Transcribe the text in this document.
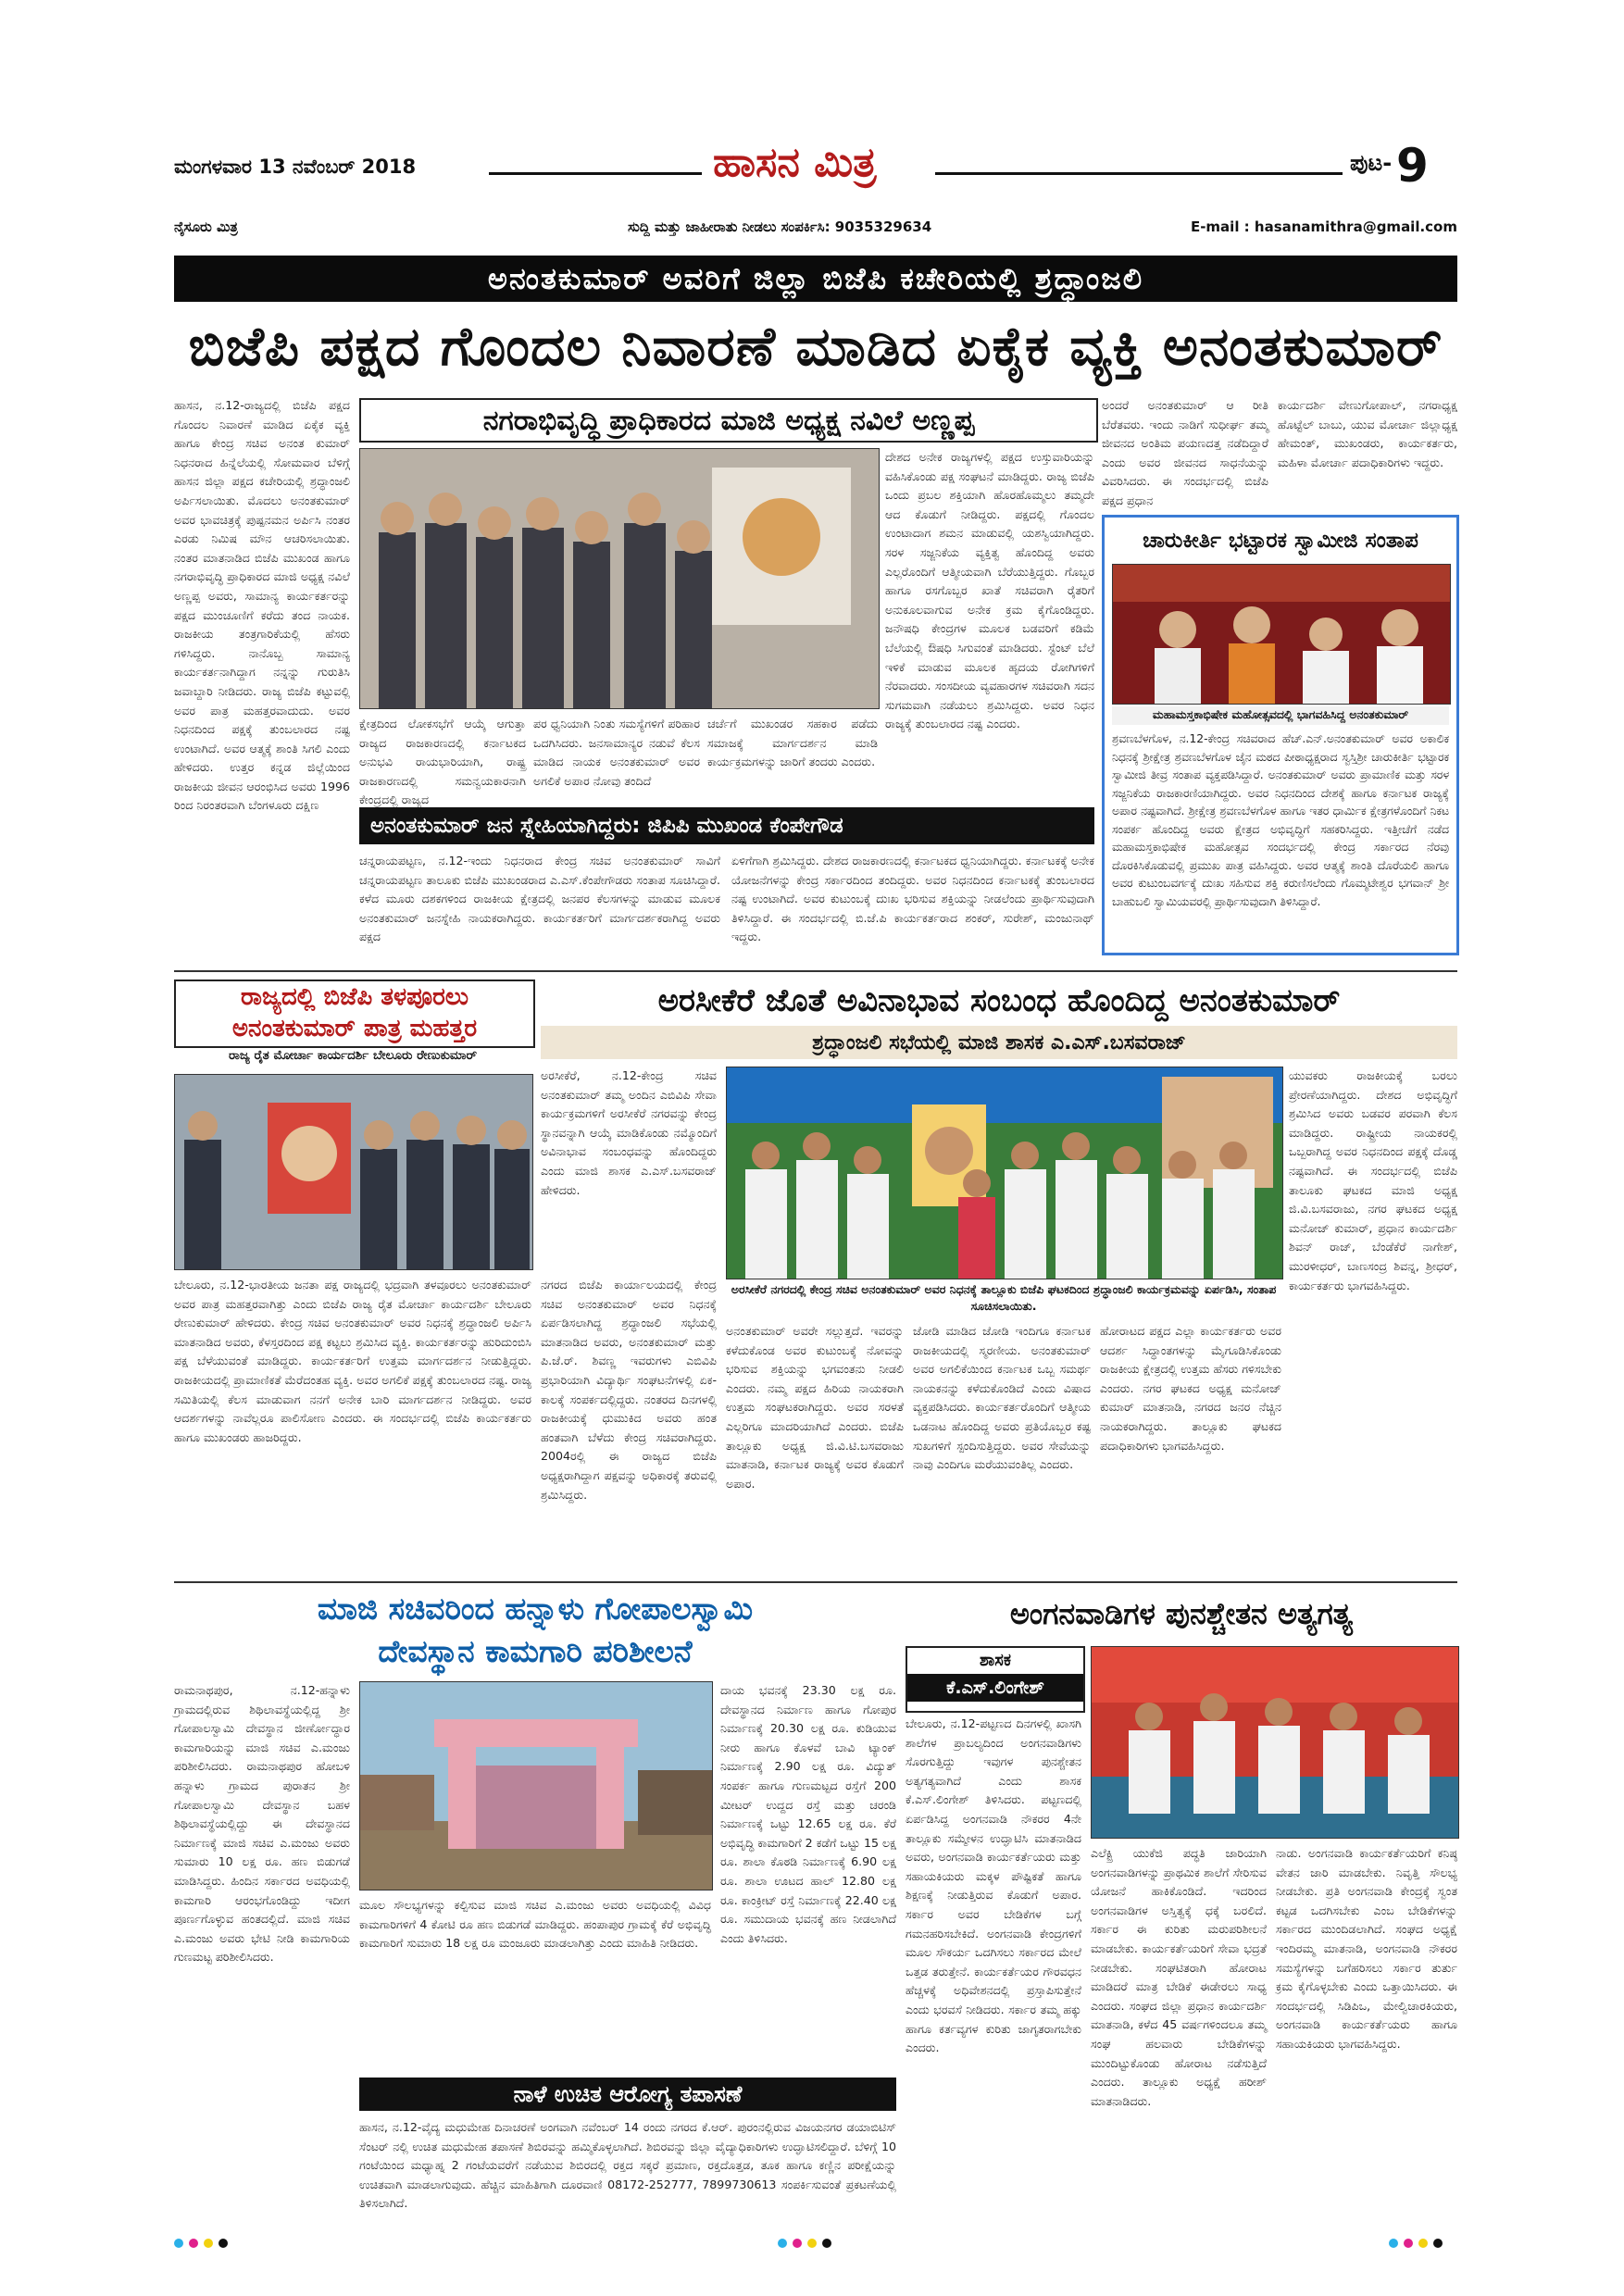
ಮಂಗಳವಾರ 13 ನವೆಂಬರ್ 2018	ಹಾಸನ ಮಿತ್ರ	ಪುಟ- 9
ನೈಸೂರು ಮಿತ್ರ	ಸುದ್ದಿ ಮತ್ತು ಜಾಹೀರಾತು ನೀಡಲು ಸಂಪರ್ಕಿಸಿ: 9035329634	E-mail : hasanamithra@gmail.com
ಅನಂತಕುಮಾರ್ ಅವರಿಗೆ ಜಿಲ್ಲಾ ಬಿಜೆಪಿ ಕಚೇರಿಯಲ್ಲಿ ಶ್ರದ್ಧಾಂಜಲಿ
ಬಿಜೆಪಿ ಪಕ್ಷದ ಗೊಂದಲ ನಿವಾರಣೆ ಮಾಡಿದ ಏಕೈಕ ವ್ಯಕ್ತಿ ಅನಂತಕುಮಾರ್
ಹಾಸನ, ನ.12-ರಾಜ್ಯದಲ್ಲಿ ಬಿಜೆಪಿ ಪಕ್ಷದ ಗೊಂದಲ ನಿವಾರಣೆ ಮಾಡಿದ ಏಕೈಕ ವ್ಯಕ್ತಿ ಹಾಗೂ ಕೇಂದ್ರ ಸಚಿವ ಅನಂತ ಕುಮಾರ್ ನಿಧನರಾದ ಹಿನ್ನೆಲೆಯಲ್ಲಿ ಸೋಮವಾರ ಬೆಳಿಗ್ಗೆ ಹಾಸನ ಜಿಲ್ಲಾ ಪಕ್ಷದ ಕಚೇರಿಯಲ್ಲಿ ಶ್ರದ್ಧಾಂಜಲಿ ಅರ್ಪಿಸಲಾಯಿತು. ಮೊದಲು ಅನಂತಕುಮಾರ್ ಅವರ ಭಾವಚಿತ್ರಕ್ಕೆ ಪುಷ್ಪನಮನ ಅರ್ಪಿಸಿ ನಂತರ ಎರಡು ನಿಮಿಷ ಮೌನ ಆಚರಿಸಲಾಯಿತು. ನಂತರ ಮಾತನಾಡಿದ ಬಿಜೆಪಿ ಮುಖಂಡ ಹಾಗೂ ನಗರಾಭಿವೃದ್ಧಿ ಪ್ರಾಧಿಕಾರದ ಮಾಜಿ ಅಧ್ಯಕ್ಷ ನವಿಲೆ ಅಣ್ಣಪ್ಪ ಅವರು, ಸಾಮಾನ್ಯ ಕಾರ್ಯಕರ್ತರನ್ನು ಪಕ್ಷದ ಮುಂಚೂಣಿಗೆ ಕರೆದು ತಂದ ನಾಯಕ. ರಾಜಕೀಯ ತಂತ್ರಗಾರಿಕೆಯಲ್ಲಿ ಹೆಸರು ಗಳಿಸಿದ್ದರು. ನಾನೊಬ್ಬ ಸಾಮಾನ್ಯ ಕಾರ್ಯಕರ್ತನಾಗಿದ್ದಾಗ ನನ್ನನ್ನು ಗುರುತಿಸಿ ಜವಾಬ್ದಾರಿ ನೀಡಿದರು. ರಾಜ್ಯ ಬಿಜೆಪಿ ಕಟ್ಟುವಲ್ಲಿ ಅವರ ಪಾತ್ರ ಮಹತ್ತರವಾದುದು. ಅವರ ನಿಧನದಿಂದ ಪಕ್ಷಕ್ಕೆ ತುಂಬಲಾರದ ನಷ್ಟ ಉಂಟಾಗಿದೆ. ಅವರ ಆತ್ಮಕ್ಕೆ ಶಾಂತಿ ಸಿಗಲಿ ಎಂದು ಹೇಳಿದರು. ಉತ್ತರ ಕನ್ನಡ ಜಿಲ್ಲೆಯಿಂದ ರಾಜಕೀಯ ಜೀವನ ಆರಂಭಿಸಿದ ಅವರು 1996 ರಿಂದ ನಿರಂತರವಾಗಿ ಬೆಂಗಳೂರು ದಕ್ಷಿಣ
ನಗರಾಭಿವೃದ್ಧಿ ಪ್ರಾಧಿಕಾರದ ಮಾಜಿ ಅಧ್ಯಕ್ಷ ನವಿಲೆ ಅಣ್ಣಪ್ಪ
ಕ್ಷೇತ್ರದಿಂದ ಲೋಕಸಭೆಗೆ ಆಯ್ಕೆ ಆಗುತ್ತಾ ರಾಜ್ಯದ ರಾಜಕಾರಣದಲ್ಲಿ ಕರ್ನಾಟಕದ ಅನುಭವಿ ರಾಯಭಾರಿಯಾಗಿ, ರಾಷ್ಟ್ರ ರಾಜಕಾರಣದಲ್ಲಿ ಸಮನ್ವಯಕಾರನಾಗಿ ಕೇಂದ್ರದಲ್ಲಿ ರಾಜ್ಯದ
ಪರ ಧ್ವನಿಯಾಗಿ ನಿಂತು ಸಮಸ್ಯೆಗಳಿಗೆ ಪರಿಹಾರ ಒದಗಿಸಿದರು. ಜನಸಾಮಾನ್ಯರ ನಡುವೆ ಕೆಲಸ ಮಾಡಿದ ನಾಯಕ ಅನಂತಕುಮಾರ್ ಅವರ ಅಗಲಿಕೆ ಅಪಾರ ನೋವು ತಂದಿದೆ
ಚರ್ಚೆಗೆ ಮುಖಂಡರ ಸಹಕಾರ ಪಡೆದು ಸಮಾಜಕ್ಕೆ ಮಾರ್ಗದರ್ಶನ ಮಾಡಿ ಕಾರ್ಯಕ್ರಮಗಳನ್ನು ಜಾರಿಗೆ ತಂದರು ಎಂದರು.
ದೇಶದ ಅನೇಕ ರಾಜ್ಯಗಳಲ್ಲಿ ಪಕ್ಷದ ಉಸ್ತುವಾರಿಯನ್ನು ವಹಿಸಿಕೊಂಡು ಪಕ್ಷ ಸಂಘಟನೆ ಮಾಡಿದ್ದರು. ರಾಜ್ಯ ಬಿಜೆಪಿ ಒಂದು ಪ್ರಬಲ ಶಕ್ತಿಯಾಗಿ ಹೊರಹೊಮ್ಮಲು ತಮ್ಮದೇ ಆದ ಕೊಡುಗೆ ನೀಡಿದ್ದರು. ಪಕ್ಷದಲ್ಲಿ ಗೊಂದಲ ಉಂಟಾದಾಗ ಶಮನ ಮಾಡುವಲ್ಲಿ ಯಶಸ್ವಿಯಾಗಿದ್ದರು. ಸರಳ ಸಜ್ಜನಿಕೆಯ ವ್ಯಕ್ತಿತ್ವ ಹೊಂದಿದ್ದ ಅವರು ಎಲ್ಲರೊಂದಿಗೆ ಆತ್ಮೀಯವಾಗಿ ಬೆರೆಯುತ್ತಿದ್ದರು. ಗೊಬ್ಬರ ಹಾಗೂ ರಸಗೊಬ್ಬರ ಖಾತೆ ಸಚಿವರಾಗಿ ರೈತರಿಗೆ ಅನುಕೂಲವಾಗುವ ಅನೇಕ ಕ್ರಮ ಕೈಗೊಂಡಿದ್ದರು. ಜನೌಷಧಿ ಕೇಂದ್ರಗಳ ಮೂಲಕ ಬಡವರಿಗೆ ಕಡಿಮೆ ಬೆಲೆಯಲ್ಲಿ ಔಷಧಿ ಸಿಗುವಂತೆ ಮಾಡಿದರು. ಸ್ಟೆಂಟ್ ಬೆಲೆ ಇಳಿಕೆ ಮಾಡುವ ಮೂಲಕ ಹೃದಯ ರೋಗಿಗಳಿಗೆ ನೆರವಾದರು. ಸಂಸದೀಯ ವ್ಯವಹಾರಗಳ ಸಚಿವರಾಗಿ ಸದನ ಸುಗಮವಾಗಿ ನಡೆಯಲು ಶ್ರಮಿಸಿದ್ದರು. ಅವರ ನಿಧನ ರಾಜ್ಯಕ್ಕೆ ತುಂಬಲಾರದ ನಷ್ಟ ಎಂದರು.
ಅಂದರೆ ಅನಂತಕುಮಾರ್ ಆ ರೀತಿ ಬೆರೆತವರು. ಇಂದು ನಾಡಿಗೆ ಸುಧೀರ್ಘ ತಮ್ಮ ಜೀವನದ ಅಂತಿಮ ಪಯಣದತ್ತ ನಡೆದಿದ್ದಾರೆ ಎಂದು ಅವರ ಜೀವನದ ಸಾಧನೆಯನ್ನು ವಿವರಿಸಿದರು. ಈ ಸಂದರ್ಭದಲ್ಲಿ ಬಿಜೆಪಿ ಪಕ್ಷದ ಪ್ರಧಾನ
ಕಾರ್ಯದರ್ಶಿ ವೇಣುಗೋಪಾಲ್, ನಗರಾಧ್ಯಕ್ಷ ಹೊಟ್ಟೆಲ್ ಬಾಬು, ಯುವ ಮೋರ್ಚಾ ಜಿಲ್ಲಾಧ್ಯಕ್ಷ ಹೇಮಂತ್, ಮುಖಂಡರು, ಕಾರ್ಯಕರ್ತರು, ಮಹಿಳಾ ಮೋರ್ಚಾ ಪದಾಧಿಕಾರಿಗಳು ಇದ್ದರು.
ಚಾರುಕೀರ್ತಿ ಭಟ್ಟಾರಕ ಸ್ವಾಮೀಜಿ ಸಂತಾಪ
ಮಹಾಮಸ್ತಕಾಭಿಷೇಕ ಮಹೋತ್ಸವದಲ್ಲಿ ಭಾಗವಹಿಸಿದ್ದ ಅನಂತಕುಮಾರ್
ಶ್ರವಣಬೆಳಗೊಳ, ನ.12-ಕೇಂದ್ರ ಸಚಿವರಾದ ಹೆಚ್.ಎನ್.ಅನಂತಕುಮಾರ್ ಅವರ ಅಕಾಲಿಕ ನಿಧನಕ್ಕೆ ಶ್ರೀಕ್ಷೇತ್ರ ಶ್ರವಣಬೆಳಗೊಳ ಜೈನ ಮಠದ ಪೀಠಾಧ್ಯಕ್ಷರಾದ ಸ್ವಸ್ತಿಶ್ರೀ ಚಾರುಕೀರ್ತಿ ಭಟ್ಟಾರಕ ಸ್ವಾಮೀಜಿ ತೀವ್ರ ಸಂತಾಪ ವ್ಯಕ್ತಪಡಿಸಿದ್ದಾರೆ. ಅನಂತಕುಮಾರ್ ಅವರು ಪ್ರಾಮಾಣಿಕ ಮತ್ತು ಸರಳ ಸಜ್ಜನಿಕೆಯ ರಾಜಕಾರಣಿಯಾಗಿದ್ದರು. ಅವರ ನಿಧನದಿಂದ ದೇಶಕ್ಕೆ ಹಾಗೂ ಕರ್ನಾಟಕ ರಾಜ್ಯಕ್ಕೆ ಅಪಾರ ನಷ್ಟವಾಗಿದೆ. ಶ್ರೀಕ್ಷೇತ್ರ ಶ್ರವಣಬೆಳಗೊಳ ಹಾಗೂ ಇತರ ಧಾರ್ಮಿಕ ಕ್ಷೇತ್ರಗಳೊಂದಿಗೆ ನಿಕಟ ಸಂಪರ್ಕ ಹೊಂದಿದ್ದ ಅವರು ಕ್ಷೇತ್ರದ ಅಭಿವೃದ್ಧಿಗೆ ಸಹಕರಿಸಿದ್ದರು. ಇತ್ತೀಚೆಗೆ ನಡೆದ ಮಹಾಮಸ್ತಕಾಭಿಷೇಕ ಮಹೋತ್ಸವ ಸಂದರ್ಭದಲ್ಲಿ ಕೇಂದ್ರ ಸರ್ಕಾರದ ನೆರವು ದೊರಕಿಸಿಕೊಡುವಲ್ಲಿ ಪ್ರಮುಖ ಪಾತ್ರ ವಹಿಸಿದ್ದರು. ಅವರ ಆತ್ಮಕ್ಕೆ ಶಾಂತಿ ದೊರೆಯಲಿ ಹಾಗೂ ಅವರ ಕುಟುಂಬವರ್ಗಕ್ಕೆ ದುಃಖ ಸಹಿಸುವ ಶಕ್ತಿ ಕರುಣಿಸಲೆಂದು ಗೊಮ್ಮಟೇಶ್ವರ ಭಗವಾನ್ ಶ್ರೀ ಬಾಹುಬಲಿ ಸ್ವಾಮಿಯವರಲ್ಲಿ ಪ್ರಾರ್ಥಿಸುವುದಾಗಿ ತಿಳಿಸಿದ್ದಾರೆ.
ಅನಂತಕುಮಾರ್ ಜನ ಸ್ನೇಹಿಯಾಗಿದ್ದರು: ಜಿಪಿಪಿ ಮುಖಂಡ ಕೆಂಪೇಗೌಡ
ಚನ್ನರಾಯಪಟ್ಟಣ, ನ.12-ಇಂದು ನಿಧನರಾದ ಕೇಂದ್ರ ಸಚಿವ ಅನಂತಕುಮಾರ್ ಸಾವಿಗೆ ಚನ್ನರಾಯಪಟ್ಟಣ ತಾಲೂಕು ಬಿಜೆಪಿ ಮುಖಂಡರಾದ ಎ.ಎಸ್.ಕೆಂಪೇಗೌಡರು ಸಂತಾಪ ಸೂಚಿಸಿದ್ದಾರೆ. ಕಳೆದ ಮೂರು ದಶಕಗಳಿಂದ ರಾಜಕೀಯ ಕ್ಷೇತ್ರದಲ್ಲಿ ಜನಪರ ಕೆಲಸಗಳನ್ನು ಮಾಡುವ ಮೂಲಕ ಅನಂತಕುಮಾರ್ ಜನಸ್ನೇಹಿ ನಾಯಕರಾಗಿದ್ದರು. ಕಾರ್ಯಕರ್ತರಿಗೆ ಮಾರ್ಗದರ್ಶಕರಾಗಿದ್ದ ಅವರು ಪಕ್ಷದ
ಏಳಿಗೆಗಾಗಿ ಶ್ರಮಿಸಿದ್ದರು. ದೇಶದ ರಾಜಕಾರಣದಲ್ಲಿ ಕರ್ನಾಟಕದ ಧ್ವನಿಯಾಗಿದ್ದರು. ಕರ್ನಾಟಕಕ್ಕೆ ಅನೇಕ ಯೋಜನೆಗಳನ್ನು ಕೇಂದ್ರ ಸರ್ಕಾರದಿಂದ ತಂದಿದ್ದರು. ಅವರ ನಿಧನದಿಂದ ಕರ್ನಾಟಕಕ್ಕೆ ತುಂಬಲಾರದ ನಷ್ಟ ಉಂಟಾಗಿದೆ. ಅವರ ಕುಟುಂಬಕ್ಕೆ ದುಃಖ ಭರಿಸುವ ಶಕ್ತಿಯನ್ನು ನೀಡಲೆಂದು ಪ್ರಾರ್ಥಿಸುವುದಾಗಿ ತಿಳಿಸಿದ್ದಾರೆ. ಈ ಸಂದರ್ಭದಲ್ಲಿ ಬಿ.ಜೆ.ಪಿ ಕಾರ್ಯಕರ್ತರಾದ ಶಂಕರ್, ಸುರೇಶ್, ಮಂಜುನಾಥ್ ಇದ್ದರು.
ರಾಜ್ಯದಲ್ಲಿ ಬಿಜೆಪಿ ತಳಪೂರಲು ಅನಂತಕುಮಾರ್ ಪಾತ್ರ ಮಹತ್ತರ
ರಾಜ್ಯ ರೈತ ಮೋರ್ಚಾ ಕಾರ್ಯದರ್ಶಿ ಬೇಲೂರು ರೇಣುಕುಮಾರ್
ಬೇಲೂರು, ನ.12-ಭಾರತೀಯ ಜನತಾ ಪಕ್ಷ ರಾಜ್ಯದಲ್ಲಿ ಭದ್ರವಾಗಿ ತಳವೂರಲು ಅನಂತಕುಮಾರ್ ಅವರ ಪಾತ್ರ ಮಹತ್ತರವಾಗಿತ್ತು ಎಂದು ಬಿಜೆಪಿ ರಾಜ್ಯ ರೈತ ಮೋರ್ಚಾ ಕಾರ್ಯದರ್ಶಿ ಬೇಲೂರು ರೇಣುಕುಮಾರ್ ಹೇಳಿದರು. ಕೇಂದ್ರ ಸಚಿವ ಅನಂತಕುಮಾರ್ ಅವರ ನಿಧನಕ್ಕೆ ಶ್ರದ್ಧಾಂಜಲಿ ಅರ್ಪಿಸಿ ಮಾತನಾಡಿದ ಅವರು, ಕೆಳಸ್ತರದಿಂದ ಪಕ್ಷ ಕಟ್ಟಲು ಶ್ರಮಿಸಿದ ವ್ಯಕ್ತಿ. ಕಾರ್ಯಕರ್ತರನ್ನು ಹುರಿದುಂಬಿಸಿ ಪಕ್ಷ ಬೆಳೆಯುವಂತೆ ಮಾಡಿದ್ದರು. ಕಾರ್ಯಕರ್ತರಿಗೆ ಉತ್ತಮ ಮಾರ್ಗದರ್ಶನ ನೀಡುತ್ತಿದ್ದರು. ರಾಜಕೀಯದಲ್ಲಿ ಪ್ರಾಮಾಣಿಕತೆ ಮೆರೆದಂತಹ ವ್ಯಕ್ತಿ. ಅವರ ಅಗಲಿಕೆ ಪಕ್ಷಕ್ಕೆ ತುಂಬಲಾರದ ನಷ್ಟ. ರಾಜ್ಯ ಸಮಿತಿಯಲ್ಲಿ ಕೆಲಸ ಮಾಡುವಾಗ ನನಗೆ ಅನೇಕ ಬಾರಿ ಮಾರ್ಗದರ್ಶನ ನೀಡಿದ್ದರು. ಅವರ ಆದರ್ಶಗಳನ್ನು ನಾವೆಲ್ಲರೂ ಪಾಲಿಸೋಣ ಎಂದರು. ಈ ಸಂದರ್ಭದಲ್ಲಿ ಬಿಜೆಪಿ ಕಾರ್ಯಕರ್ತರು ಹಾಗೂ ಮುಖಂಡರು ಹಾಜರಿದ್ದರು.
ಅರಸೀಕೆರೆ ಜೊತೆ ಅವಿನಾಭಾವ ಸಂಬಂಧ ಹೊಂದಿದ್ದ ಅನಂತಕುಮಾರ್
ಶ್ರದ್ಧಾಂಜಲಿ ಸಭೆಯಲ್ಲಿ ಮಾಜಿ ಶಾಸಕ ಎ.ಎಸ್.ಬಸವರಾಜ್
ಅರಸೀಕೆರೆ, ನ.12-ಕೇಂದ್ರ ಸಚಿವ ಅನಂತಕುಮಾರ್ ತಮ್ಮ ಅಂದಿನ ಎಬಿವಿಪಿ ಸೇವಾ ಕಾರ್ಯಕ್ರಮಗಳಿಗೆ ಅರಸೀಕೆರೆ ನಗರವನ್ನು ಕೇಂದ್ರ ಸ್ಥಾನವನ್ನಾಗಿ ಆಯ್ಕೆ ಮಾಡಿಕೊಂಡು ನಮ್ಮೊಂದಿಗೆ ಅವಿನಾಭಾವ ಸಂಬಂಧವನ್ನು ಹೊಂದಿದ್ದರು ಎಂದು ಮಾಜಿ ಶಾಸಕ ಎ.ಎಸ್.ಬಸವರಾಜ್ ಹೇಳಿದರು.
ಅರಸೀಕೆರೆ ನಗರದಲ್ಲಿ ಕೇಂದ್ರ ಸಚಿವ ಅನಂತಕುಮಾರ್ ಅವರ ನಿಧನಕ್ಕೆ ತಾಲ್ಲೂಕು ಬಿಜೆಪಿ ಘಟಕದಿಂದ ಶ್ರದ್ಧಾಂಜಲಿ ಕಾರ್ಯಕ್ರಮವನ್ನು ಏರ್ಪಡಿಸಿ, ಸಂತಾಪ ಸೂಚಿಸಲಾಯಿತು.
ಯುವಕರು ರಾಜಕೀಯಕ್ಕೆ ಬರಲು ಪ್ರೇರಣೆಯಾಗಿದ್ದರು. ದೇಶದ ಅಭಿವೃದ್ಧಿಗೆ ಶ್ರಮಿಸಿದ ಅವರು ಬಡವರ ಪರವಾಗಿ ಕೆಲಸ ಮಾಡಿದ್ದರು. ರಾಷ್ಟ್ರೀಯ ನಾಯಕರಲ್ಲಿ ಒಬ್ಬರಾಗಿದ್ದ ಅವರ ನಿಧನದಿಂದ ಪಕ್ಷಕ್ಕೆ ದೊಡ್ಡ ನಷ್ಟವಾಗಿದೆ. ಈ ಸಂದರ್ಭದಲ್ಲಿ ಬಿಜೆಪಿ ತಾಲೂಕು ಘಟಕದ ಮಾಜಿ ಅಧ್ಯಕ್ಷ ಜಿ.ವಿ.ಬಸವರಾಜು, ನಗರ ಘಟಕದ ಅಧ್ಯಕ್ಷ ಮನೋಜ್ ಕುಮಾರ್, ಪ್ರಧಾನ ಕಾರ್ಯದರ್ಶಿ ಶಿವನ್ ರಾಜ್, ಬೆಂಡೆಕೆರೆ ನಾಗೇಶ್, ಮುರಳೀಧರ್, ಬಾಣಸಂದ್ರ ಶಿವನ್ನ, ಶ್ರೀಧರ್, ಕಾರ್ಯಕರ್ತರು ಭಾಗವಹಿಸಿದ್ದರು.
ನಗರದ ಬಿಜೆಪಿ ಕಾರ್ಯಾಲಯದಲ್ಲಿ ಕೇಂದ್ರ ಸಚಿವ ಅನಂತಕುಮಾರ್ ಅವರ ನಿಧನಕ್ಕೆ ಏರ್ಪಡಿಸಲಾಗಿದ್ದ ಶ್ರದ್ಧಾಂಜಲಿ ಸಭೆಯಲ್ಲಿ ಮಾತನಾಡಿದ ಅವರು, ಅನಂತಕುಮಾರ್ ಮತ್ತು ಪಿ.ಜೆ.ರ್. ಶಿವಣ್ಣ ಇವರುಗಳು ಎಬಿವಿಪಿ ಪ್ರಭಾರಿಯಾಗಿ ವಿದ್ಯಾರ್ಥಿ ಸಂಘಟನೆಗಳಲ್ಲಿ ಏಕ-ಕಾಲಕ್ಕೆ ಸಂಪರ್ಕದಲ್ಲಿದ್ದರು. ನಂತರದ ದಿನಗಳಲ್ಲಿ ರಾಜಕೀಯಕ್ಕೆ ಧುಮುಕಿದ ಅವರು ಹಂತ ಹಂತವಾಗಿ ಬೆಳೆದು ಕೇಂದ್ರ ಸಚಿವರಾಗಿದ್ದರು. 2004ರಲ್ಲಿ ಈ ರಾಜ್ಯದ ಬಿಜೆಪಿ ಅಧ್ಯಕ್ಷರಾಗಿದ್ದಾಗ ಪಕ್ಷವನ್ನು ಅಧಿಕಾರಕ್ಕೆ ತರುವಲ್ಲಿ ಶ್ರಮಿಸಿದ್ದರು.
ಅನಂತಕುಮಾರ್ ಅವರೇ ಸಲ್ಲುತ್ತದೆ. ಇವರನ್ನು ಕಳೆದುಕೊಂಡ ಅವರ ಕುಟುಂಬಕ್ಕೆ ನೋವನ್ನು ಭರಿಸುವ ಶಕ್ತಿಯನ್ನು ಭಗವಂತನು ನೀಡಲಿ ಎಂದರು. ನಮ್ಮ ಪಕ್ಷದ ಹಿರಿಯ ನಾಯಕರಾಗಿ ಉತ್ತಮ ಸಂಘಟಕರಾಗಿದ್ದರು. ಅವರ ಸರಳತೆ ಎಲ್ಲರಿಗೂ ಮಾದರಿಯಾಗಿದೆ ಎಂದರು. ಬಿಜೆಪಿ ತಾಲ್ಲೂಕು ಅಧ್ಯಕ್ಷ ಜಿ.ವಿ.ಟಿ.ಬಸವರಾಜು ಮಾತನಾಡಿ, ಕರ್ನಾಟಕ ರಾಜ್ಯಕ್ಕೆ ಅವರ ಕೊಡುಗೆ ಅಪಾರ.
ಜೋಡಿ ಮಾಡಿದ ಜೋಡಿ ಇಂದಿಗೂ ಕರ್ನಾಟಕ ರಾಜಕೀಯದಲ್ಲಿ ಸ್ಮರಣೀಯ. ಅನಂತಕುಮಾರ್ ಅವರ ಅಗಲಿಕೆಯಿಂದ ಕರ್ನಾಟಕ ಒಬ್ಬ ಸಮರ್ಥ ನಾಯಕನನ್ನು ಕಳೆದುಕೊಂಡಿದೆ ಎಂದು ವಿಷಾದ ವ್ಯಕ್ತಪಡಿಸಿದರು. ಕಾರ್ಯಕರ್ತರೊಂದಿಗೆ ಆತ್ಮೀಯ ಒಡನಾಟ ಹೊಂದಿದ್ದ ಅವರು ಪ್ರತಿಯೊಬ್ಬರ ಕಷ್ಟ ಸುಖಗಳಿಗೆ ಸ್ಪಂದಿಸುತ್ತಿದ್ದರು. ಅವರ ಸೇವೆಯನ್ನು ನಾವು ಎಂದಿಗೂ ಮರೆಯುವಂತಿಲ್ಲ ಎಂದರು.
ಹೋರಾಟದ ಪಕ್ಷದ ಎಲ್ಲಾ ಕಾರ್ಯಕರ್ತರು ಅವರ ಆದರ್ಶ ಸಿದ್ಧಾಂತಗಳನ್ನು ಮೈಗೂಡಿಸಿಕೊಂಡು ರಾಜಕೀಯ ಕ್ಷೇತ್ರದಲ್ಲಿ ಉತ್ತಮ ಹೆಸರು ಗಳಿಸಬೇಕು ಎಂದರು. ನಗರ ಘಟಕದ ಅಧ್ಯಕ್ಷ ಮನೋಜ್ ಕುಮಾರ್ ಮಾತನಾಡಿ, ನಗರದ ಜನರ ನೆಚ್ಚಿನ ನಾಯಕರಾಗಿದ್ದರು. ತಾಲ್ಲೂಕು ಘಟಕದ ಪದಾಧಿಕಾರಿಗಳು ಭಾಗವಹಿಸಿದ್ದರು.
ಮಾಜಿ ಸಚಿವರಿಂದ ಹನ್ನಾಳು ಗೋಪಾಲಸ್ವಾಮಿ
ದೇವಸ್ಥಾನ ಕಾಮಗಾರಿ ಪರಿಶೀಲನೆ
ರಾಮನಾಥಪುರ, ನ.12-ಹನ್ನಾಳು ಗ್ರಾಮದಲ್ಲಿರುವ ಶಿಥಿಲಾವಸ್ಥೆಯಲ್ಲಿದ್ದ ಶ್ರೀ ಗೋಪಾಲಸ್ವಾಮಿ ದೇವಸ್ಥಾನ ಜೀರ್ಣೋದ್ಧಾರ ಕಾಮಗಾರಿಯನ್ನು ಮಾಜಿ ಸಚಿವ ಎ.ಮಂಜು ಪರಿಶೀಲಿಸಿದರು. ರಾಮನಾಥಪುರ ಹೋಬಳಿ ಹನ್ನಾಳು ಗ್ರಾಮದ ಪುರಾತನ ಶ್ರೀ ಗೋಪಾಲಸ್ವಾಮಿ ದೇವಸ್ಥಾನ ಬಹಳ ಶಿಥಿಲಾವಸ್ಥೆಯಲ್ಲಿದ್ದು ಈ ದೇವಸ್ಥಾನದ ನಿರ್ಮಾಣಕ್ಕೆ ಮಾಜಿ ಸಚಿವ ಎ.ಮಂಜು ಅವರು ಸುಮಾರು 10 ಲಕ್ಷ ರೂ. ಹಣ ಬಿಡುಗಡೆ ಮಾಡಿಸಿದ್ದರು. ಹಿಂದಿನ ಸರ್ಕಾರದ ಅವಧಿಯಲ್ಲಿ ಕಾಮಗಾರಿ ಆರಂಭಗೊಂಡಿದ್ದು ಇದೀಗ ಪೂರ್ಣಗೊಳ್ಳುವ ಹಂತದಲ್ಲಿದೆ. ಮಾಜಿ ಸಚಿವ ಎ.ಮಂಜು ಅವರು ಭೇಟಿ ನೀಡಿ ಕಾಮಗಾರಿಯ ಗುಣಮಟ್ಟ ಪರಿಶೀಲಿಸಿದರು.
ಮೂಲ ಸೌಲಭ್ಯಗಳನ್ನು ಕಲ್ಪಿಸುವ ಮಾಜಿ ಸಚಿವ ಎ.ಮಂಜು ಅವರು ಅವಧಿಯಲ್ಲಿ ವಿವಿಧ ಕಾಮಗಾರಿಗಳಿಗೆ 4 ಕೋಟಿ ರೂ ಹಣ ಬಿಡುಗಡೆ ಮಾಡಿದ್ದರು. ಹಂಪಾಪುರ ಗ್ರಾಮಕ್ಕೆ ಕೆರೆ ಅಭಿವೃದ್ಧಿ ಕಾಮಗಾರಿಗೆ ಸುಮಾರು 18 ಲಕ್ಷ ರೂ ಮಂಜೂರು ಮಾಡಲಾಗಿತ್ತು ಎಂದು ಮಾಹಿತಿ ನೀಡಿದರು.
ದಾಯ ಭವನಕ್ಕೆ 23.30 ಲಕ್ಷ ರೂ. ದೇವಸ್ಥಾನದ ನಿರ್ಮಾಣ ಹಾಗೂ ಗೋಪುರ ನಿರ್ಮಾಣಕ್ಕೆ 20.30 ಲಕ್ಷ ರೂ. ಕುಡಿಯುವ ನೀರು ಹಾಗೂ ಕೊಳವೆ ಬಾವಿ ಟ್ಯಾಂಕ್ ನಿರ್ಮಾಣಕ್ಕೆ 2.90 ಲಕ್ಷ ರೂ. ವಿದ್ಯುತ್ ಸಂಪರ್ಕ ಹಾಗೂ ಗುಣಮಟ್ಟದ ರಸ್ತೆಗೆ 200 ಮೀಟರ್ ಉದ್ದದ ರಸ್ತೆ ಮತ್ತು ಚರಂಡಿ ನಿರ್ಮಾಣಕ್ಕೆ ಒಟ್ಟು 12.65 ಲಕ್ಷ ರೂ. ಕೆರೆ ಅಭಿವೃದ್ಧಿ ಕಾಮಗಾರಿಗೆ 2 ಕಡೆಗೆ ಒಟ್ಟು 15 ಲಕ್ಷ ರೂ. ಶಾಲಾ ಕೊಠಡಿ ನಿರ್ಮಾಣಕ್ಕೆ 6.90 ಲಕ್ಷ ರೂ. ಶಾಲಾ ಊಟದ ಹಾಲ್ 12.80 ಲಕ್ಷ ರೂ. ಕಾಂಕ್ರೀಟ್ ರಸ್ತೆ ನಿರ್ಮಾಣಕ್ಕೆ 22.40 ಲಕ್ಷ ರೂ. ಸಮುದಾಯ ಭವನಕ್ಕೆ ಹಣ ನೀಡಲಾಗಿದೆ ಎಂದು ತಿಳಿಸಿದರು.
ನಾಳೆ ಉಚಿತ ಆರೋಗ್ಯ ತಪಾಸಣೆ
ಹಾಸನ, ನ.12-ವೈದ್ಯ ಮಧುಮೇಹ ದಿನಾಚರಣೆ ಅಂಗವಾಗಿ ನವೆಂಬರ್ 14 ರಂದು ನಗರದ ಕೆ.ಆರ್. ಪುರಂನಲ್ಲಿರುವ ವಿಜಯನಗರ ಡಯಾಬಿಟಿಸ್ ಸೆಂಟರ್ ನಲ್ಲಿ ಉಚಿತ ಮಧುಮೇಹ ತಪಾಸಣೆ ಶಿಬಿರವನ್ನು ಹಮ್ಮಿಕೊಳ್ಳಲಾಗಿದೆ. ಶಿಬಿರವನ್ನು ಜಿಲ್ಲಾ ವೈದ್ಯಾಧಿಕಾರಿಗಳು ಉದ್ಘಾಟಿಸಲಿದ್ದಾರೆ. ಬೆಳಿಗ್ಗೆ 10 ಗಂಟೆಯಿಂದ ಮಧ್ಯಾಹ್ನ 2 ಗಂಟೆಯವರೆಗೆ ನಡೆಯುವ ಶಿಬಿರದಲ್ಲಿ ರಕ್ತದ ಸಕ್ಕರೆ ಪ್ರಮಾಣ, ರಕ್ತದೊತ್ತಡ, ತೂಕ ಹಾಗೂ ಕಣ್ಣಿನ ಪರೀಕ್ಷೆಯನ್ನು ಉಚಿತವಾಗಿ ಮಾಡಲಾಗುವುದು. ಹೆಚ್ಚಿನ ಮಾಹಿತಿಗಾಗಿ ದೂರವಾಣಿ 08172-252777, 7899730613 ಸಂಪರ್ಕಿಸುವಂತೆ ಪ್ರಕಟಣೆಯಲ್ಲಿ ತಿಳಿಸಲಾಗಿದೆ.
ಅಂಗನವಾಡಿಗಳ ಪುನಶ್ಚೇತನ ಅತ್ಯಗತ್ಯ
ಶಾಸಕ
ಕೆ.ಎಸ್.ಲಿಂಗೇಶ್
ಬೇಲೂರು, ನ.12-ಪಟ್ಟಣದ ದಿನಗಳಲ್ಲಿ ಖಾಸಗಿ ಶಾಲೆಗಳ ಪ್ರಾಬಲ್ಯದಿಂದ ಅಂಗನವಾಡಿಗಳು ಸೊರಗುತ್ತಿದ್ದು ಇವುಗಳ ಪುನಶ್ಚೇತನ ಅತ್ಯಗತ್ಯವಾಗಿದೆ ಎಂದು ಶಾಸಕ ಕೆ.ಎಸ್.ಲಿಂಗೇಶ್ ತಿಳಿಸಿದರು. ಪಟ್ಟಣದಲ್ಲಿ ಏರ್ಪಡಿಸಿದ್ದ ಅಂಗನವಾಡಿ ನೌಕರರ 4ನೇ ತಾಲ್ಲೂಕು ಸಮ್ಮೇಳನ ಉದ್ಘಾಟಿಸಿ ಮಾತನಾಡಿದ ಅವರು, ಅಂಗನವಾಡಿ ಕಾರ್ಯಕರ್ತೆಯರು ಮತ್ತು ಸಹಾಯಕಿಯರು ಮಕ್ಕಳ ಪೌಷ್ಟಿಕತೆ ಹಾಗೂ ಶಿಕ್ಷಣಕ್ಕೆ ನೀಡುತ್ತಿರುವ ಕೊಡುಗೆ ಅಪಾರ. ಸರ್ಕಾರ ಅವರ ಬೇಡಿಕೆಗಳ ಬಗ್ಗೆ ಗಮನಹರಿಸಬೇಕಿದೆ. ಅಂಗನವಾಡಿ ಕೇಂದ್ರಗಳಿಗೆ ಮೂಲ ಸೌಕರ್ಯ ಒದಗಿಸಲು ಸರ್ಕಾರದ ಮೇಲೆ ಒತ್ತಡ ತರುತ್ತೇನೆ. ಕಾರ್ಯಕರ್ತೆಯರ ಗೌರವಧನ ಹೆಚ್ಚಳಕ್ಕೆ ಅಧಿವೇಶನದಲ್ಲಿ ಪ್ರಸ್ತಾಪಿಸುತ್ತೇನೆ ಎಂದು ಭರವಸೆ ನೀಡಿದರು. ಸರ್ಕಾರ ತಮ್ಮ ಹಕ್ಕು ಹಾಗೂ ಕರ್ತವ್ಯಗಳ ಕುರಿತು ಜಾಗೃತರಾಗಬೇಕು ಎಂದರು.
ಎಲೆಕ್ಟ್ರಿ ಯುಕೆಜಿ ಪದ್ಧತಿ ಜಾರಿಯಾಗಿ ಅಂಗನವಾಡಿಗಳನ್ನು ಪ್ರಾಥಮಿಕ ಶಾಲೆಗೆ ಸೇರಿಸುವ ಯೋಜನೆ ಹಾಕಿಕೊಂಡಿದೆ. ಇದರಿಂದ ಅಂಗನವಾಡಿಗಳ ಅಸ್ತಿತ್ವಕ್ಕೆ ಧಕ್ಕೆ ಬರಲಿದೆ. ಸರ್ಕಾರ ಈ ಕುರಿತು ಮರುಪರಿಶೀಲನೆ ಮಾಡಬೇಕು. ಕಾರ್ಯಕರ್ತೆಯರಿಗೆ ಸೇವಾ ಭದ್ರತೆ ನೀಡಬೇಕು. ಸಂಘಟಿತರಾಗಿ ಹೋರಾಟ ಮಾಡಿದರೆ ಮಾತ್ರ ಬೇಡಿಕೆ ಈಡೇರಲು ಸಾಧ್ಯ ಎಂದರು. ಸಂಘದ ಜಿಲ್ಲಾ ಪ್ರಧಾನ ಕಾರ್ಯದರ್ಶಿ ಮಾತನಾಡಿ, ಕಳೆದ 45 ವರ್ಷಗಳಿಂದಲೂ ತಮ್ಮ ಸಂಘ ಹಲವಾರು ಬೇಡಿಕೆಗಳನ್ನು ಮುಂದಿಟ್ಟುಕೊಂಡು ಹೋರಾಟ ನಡೆಸುತ್ತಿದೆ ಎಂದರು. ತಾಲ್ಲೂಕು ಅಧ್ಯಕ್ಷೆ ಹರೀಶ್ ಮಾತನಾಡಿದರು.
ನಾಡು. ಅಂಗನವಾಡಿ ಕಾರ್ಯಕರ್ತೆಯರಿಗೆ ಕನಿಷ್ಠ ವೇತನ ಜಾರಿ ಮಾಡಬೇಕು. ನಿವೃತ್ತಿ ಸೌಲಭ್ಯ ನೀಡಬೇಕು. ಪ್ರತಿ ಅಂಗನವಾಡಿ ಕೇಂದ್ರಕ್ಕೆ ಸ್ವಂತ ಕಟ್ಟಡ ಒದಗಿಸಬೇಕು ಎಂಬ ಬೇಡಿಕೆಗಳನ್ನು ಸರ್ಕಾರದ ಮುಂದಿಡಲಾಗಿದೆ. ಸಂಘದ ಅಧ್ಯಕ್ಷೆ ಇಂದಿರಮ್ಮ ಮಾತನಾಡಿ, ಅಂಗನವಾಡಿ ನೌಕರರ ಸಮಸ್ಯೆಗಳನ್ನು ಬಗೆಹರಿಸಲು ಸರ್ಕಾರ ತುರ್ತು ಕ್ರಮ ಕೈಗೊಳ್ಳಬೇಕು ಎಂದು ಒತ್ತಾಯಿಸಿದರು. ಈ ಸಂದರ್ಭದಲ್ಲಿ ಸಿಡಿಪಿಒ, ಮೇಲ್ವಿಚಾರಕಿಯರು, ಅಂಗನವಾಡಿ ಕಾರ್ಯಕರ್ತೆಯರು ಹಾಗೂ ಸಹಾಯಕಿಯರು ಭಾಗವಹಿಸಿದ್ದರು.
